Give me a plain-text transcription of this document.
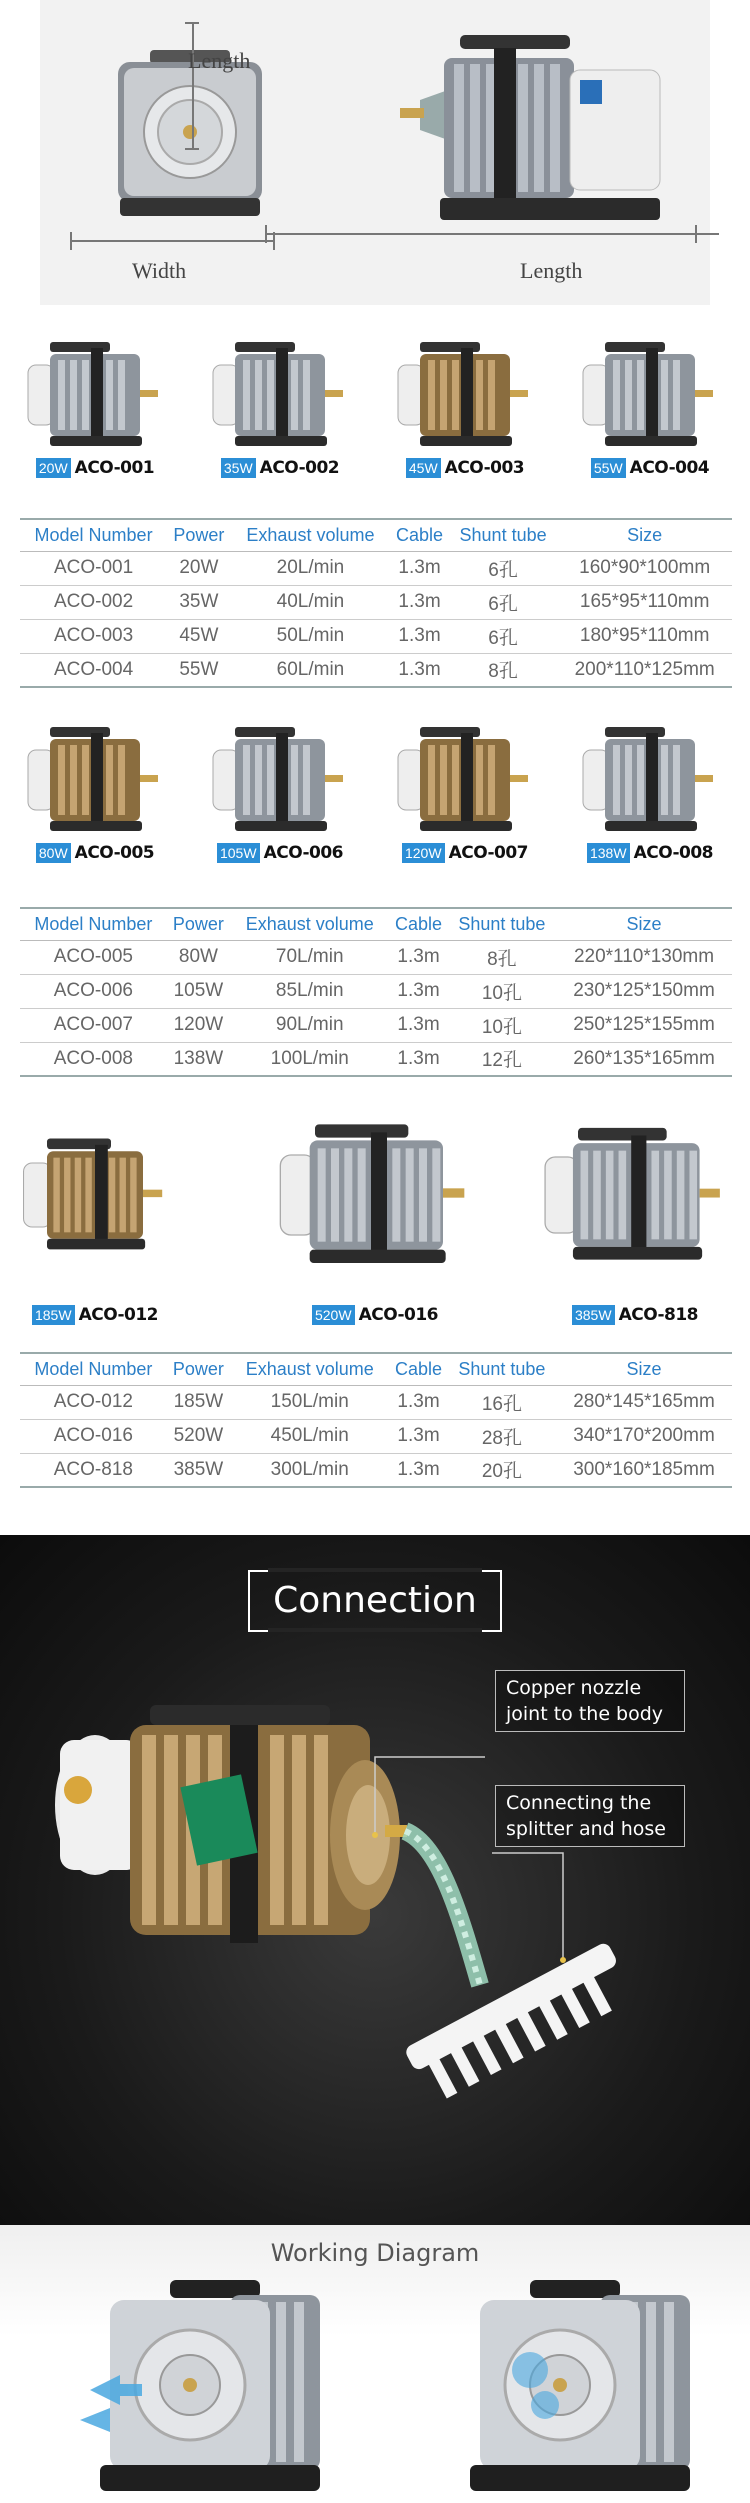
Length
Width	Length
20W ACO-001	35W ACO-002	45W ACO-003	55W ACO-004
Model Number	Power	Exhaust volume	Cable	Shunt tube	Size
ACO-001	20W	20L/min	1.3m	6孔	160*90*100mm
ACO-002	35W	40L/min	1.3m	6孔	165*95*110mm
ACO-003	45W	50L/min	1.3m	6孔	180*95*110mm
ACO-004	55W	60L/min	1.3m	8孔	200*110*125mm
80W ACO-005	105W ACO-006	120W ACO-007	138W ACO-008
Model Number	Power	Exhaust volume	Cable	Shunt tube	Size
ACO-005	80W	70L/min	1.3m	8孔	220*110*130mm
ACO-006	105W	85L/min	1.3m	10孔	230*125*150mm
ACO-007	120W	90L/min	1.3m	10孔	250*125*155mm
ACO-008	138W	100L/min	1.3m	12孔	260*135*165mm
185W ACO-012	520W ACO-016	385W ACO-818
Model Number	Power	Exhaust volume	Cable	Shunt tube	Size
ACO-012	185W	150L/min	1.3m	16孔	280*145*165mm
ACO-016	520W	450L/min	1.3m	28孔	340*170*200mm
ACO-818	385W	300L/min	1.3m	20孔	300*160*185mm
Connection
Copper nozzle
joint to the body
Connecting the
splitter and hose
Working Diagram
